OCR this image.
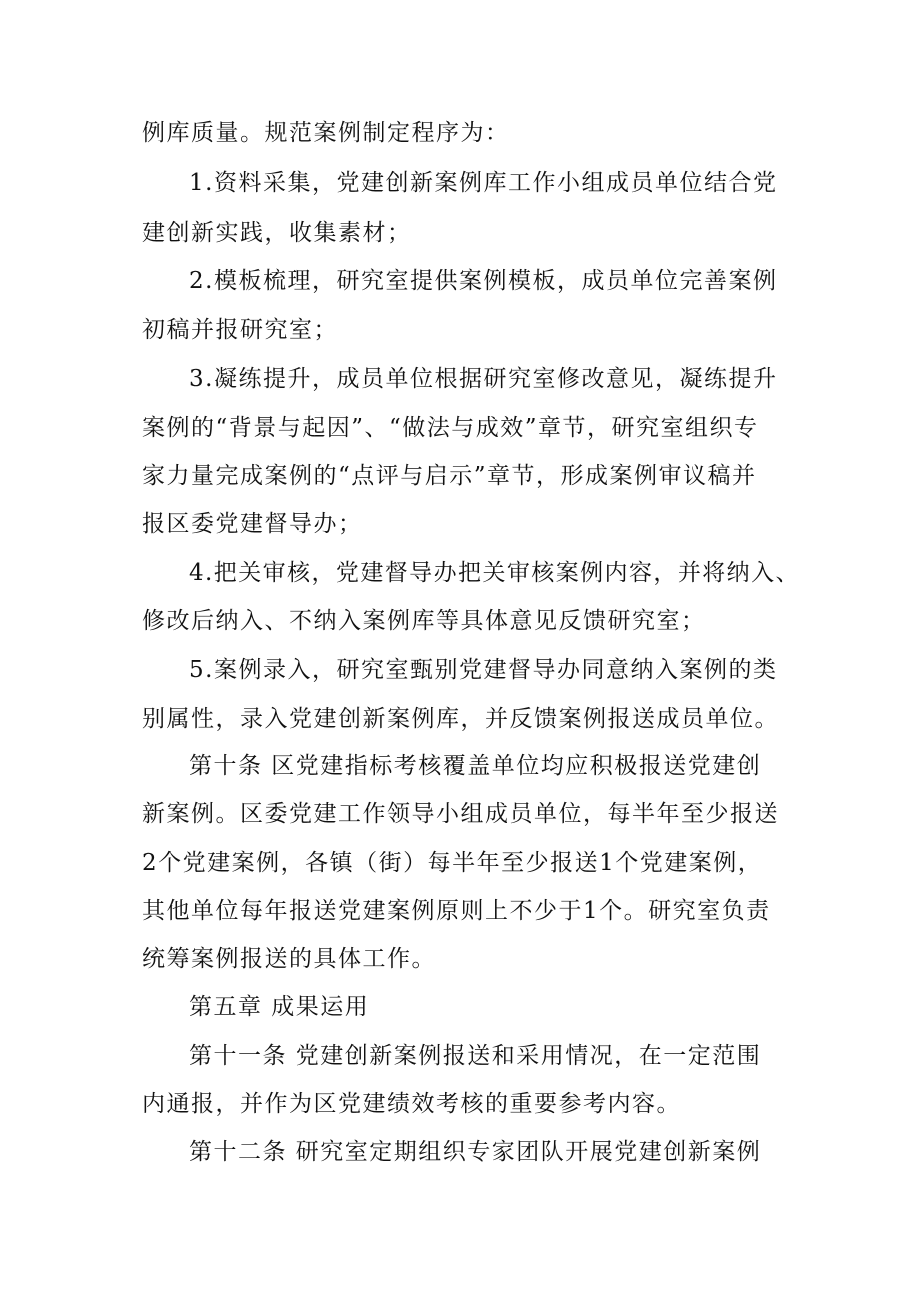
例库质量。规范案例制定程序为：
1.资料采集，党建创新案例库工作小组成员单位结合党
建创新实践，收集素材；
2.模板梳理，研究室提供案例模板，成员单位完善案例
初稿并报研究室；
3.凝练提升，成员单位根据研究室修改意见，凝练提升
案例的“背景与起因”、“做法与成效”章节，研究室组织专
家力量完成案例的“点评与启示”章节，形成案例审议稿并
报区委党建督导办；
4.把关审核，党建督导办把关审核案例内容，并将纳入、
修改后纳入、不纳入案例库等具体意见反馈研究室；
5.案例录入，研究室甄别党建督导办同意纳入案例的类
别属性，录入党建创新案例库，并反馈案例报送成员单位。
第十条 区党建指标考核覆盖单位均应积极报送党建创
新案例。区委党建工作领导小组成员单位，每半年至少报送
2个党建案例，各镇（街）每半年至少报送1个党建案例，
其他单位每年报送党建案例原则上不少于1个。研究室负责
统筹案例报送的具体工作。
第五章 成果运用
第十一条 党建创新案例报送和采用情况，在一定范围
内通报，并作为区党建绩效考核的重要参考内容。
第十二条 研究室定期组织专家团队开展党建创新案例
